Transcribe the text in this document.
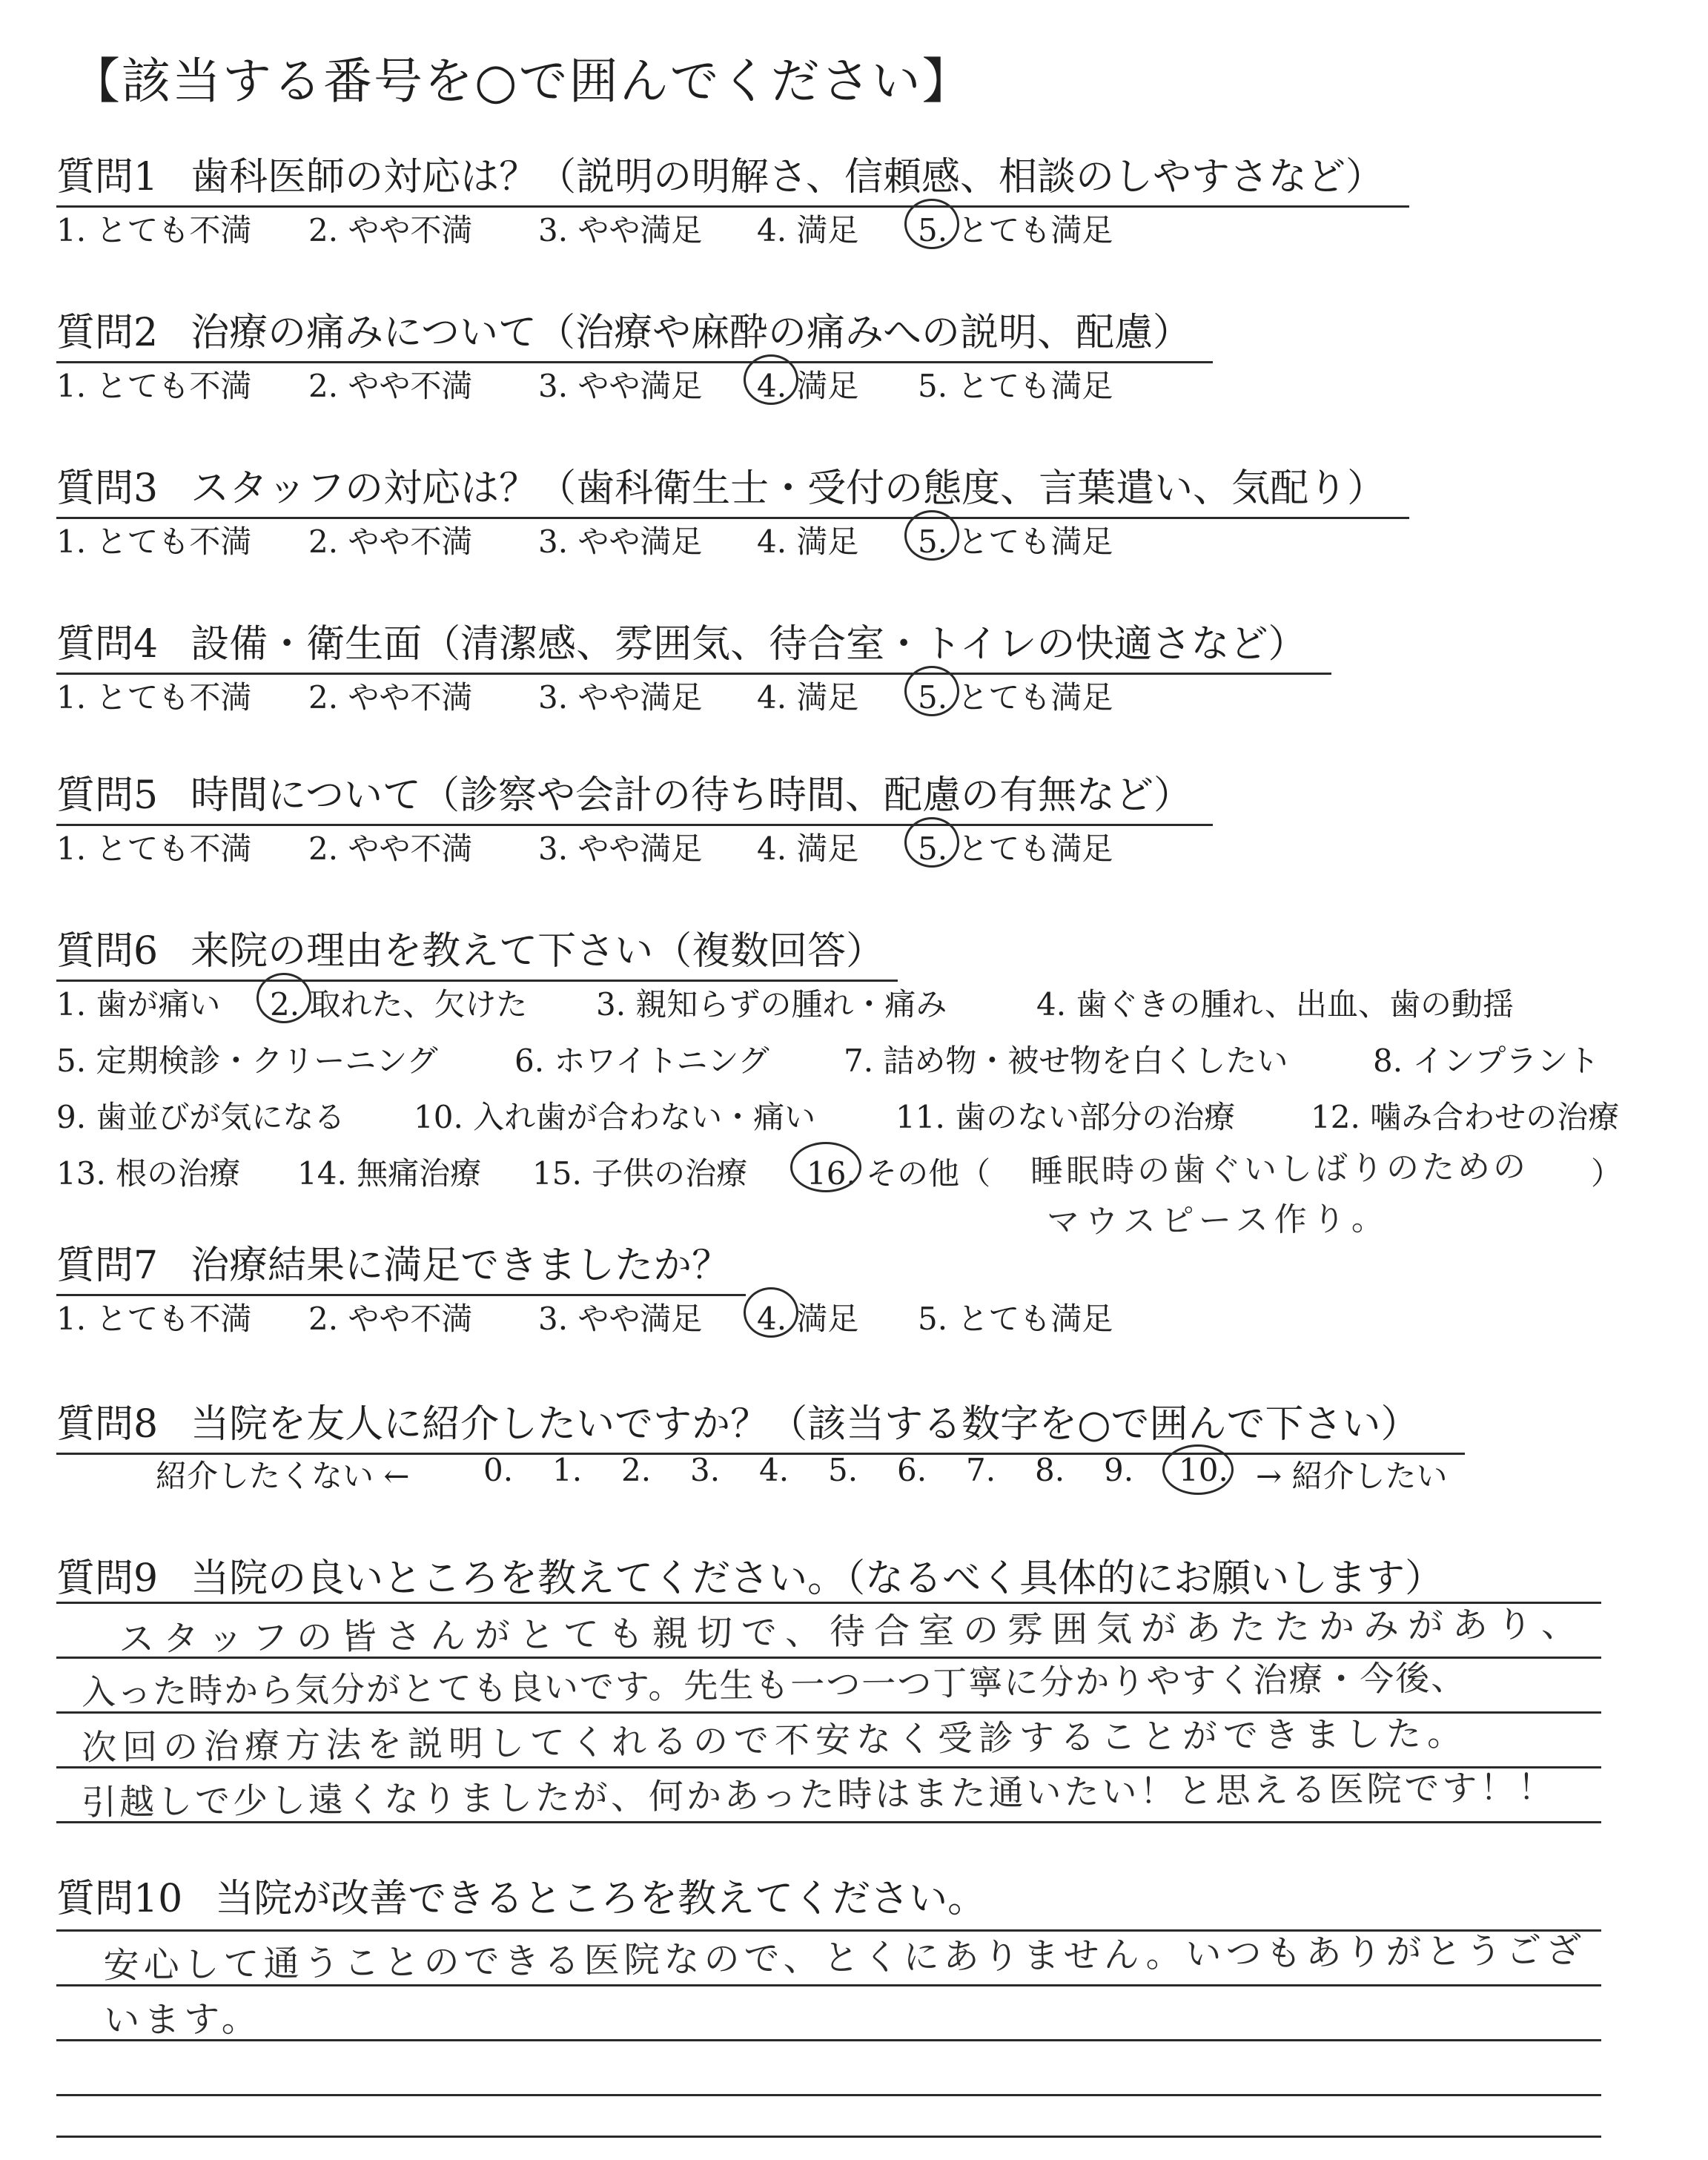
【該当する番号を○で囲んでください】
質問1 歯科医師の対応は？（説明の明解さ、信頼感、相談のしやすさなど）
1. とても不満 2. やや不満 3. やや満足 4. 満足 5. とても満足
質問2 治療の痛みについて（治療や麻酔の痛みへの説明、配慮）
1. とても不満 2. やや不満 3. やや満足 4. 満足 5. とても満足
質問3 スタッフの対応は？（歯科衛生士・受付の態度、言葉遣い、気配り）
1. とても不満 2. やや不満 3. やや満足 4. 満足 5. とても満足
質問4 設備・衛生面（清潔感、雰囲気、待合室・トイレの快適さなど）
1. とても不満 2. やや不満 3. やや満足 4. 満足 5. とても満足
質問5 時間について（診察や会計の待ち時間、配慮の有無など）
1. とても不満 2. やや不満 3. やや満足 4. 満足 5. とても満足
質問6 来院の理由を教えて下さい（複数回答）
1. 歯が痛い 2. 取れた、欠けた 3. 親知らずの腫れ・痛み	4. 歯ぐきの腫れ、出血、歯の動揺
5. 定期検診・クリーニング 6. ホワイトニング 7. 詰め物・被せ物を白くしたい	8. インプラント
9. 歯並びが気になる 10. 入れ歯が合わない・痛い	11. 歯のない部分の治療 12. 噛み合わせの治療
13. 根の治療 14. 無痛治療 15. 子供の治療 16. その他（	）
睡眠時の歯ぐいしばりのための
マウスピース作り。
質問7 治療結果に満足できましたか？
1. とても不満 2. やや不満 3. やや満足 4. 満足 5. とても満足
質問8 当院を友人に紹介したいですか？（該当する数字を○で囲んで下さい）
紹介したくない ← 0. 1. 2. 3. 4. 5. 6. 7. 8. 9. 10. → 紹介したい
質問9 当院の良いところを教えてください。（なるべく具体的にお願いします）
スタッフの皆さんがとても親切で、待合室の雰囲気があたたかみがあり、
入った時から気分がとても良いです。先生も一つ一つ丁寧に分かりやすく治療・今後、
次回の治療方法を説明してくれるので不安なく受診することができました。
引越しで少し遠くなりましたが、何かあった時はまた通いたい！と思える医院です！！
質問10 当院が改善できるところを教えてください。
安心して通うことのできる医院なので、とくにありません。いつもありがとうございます。
